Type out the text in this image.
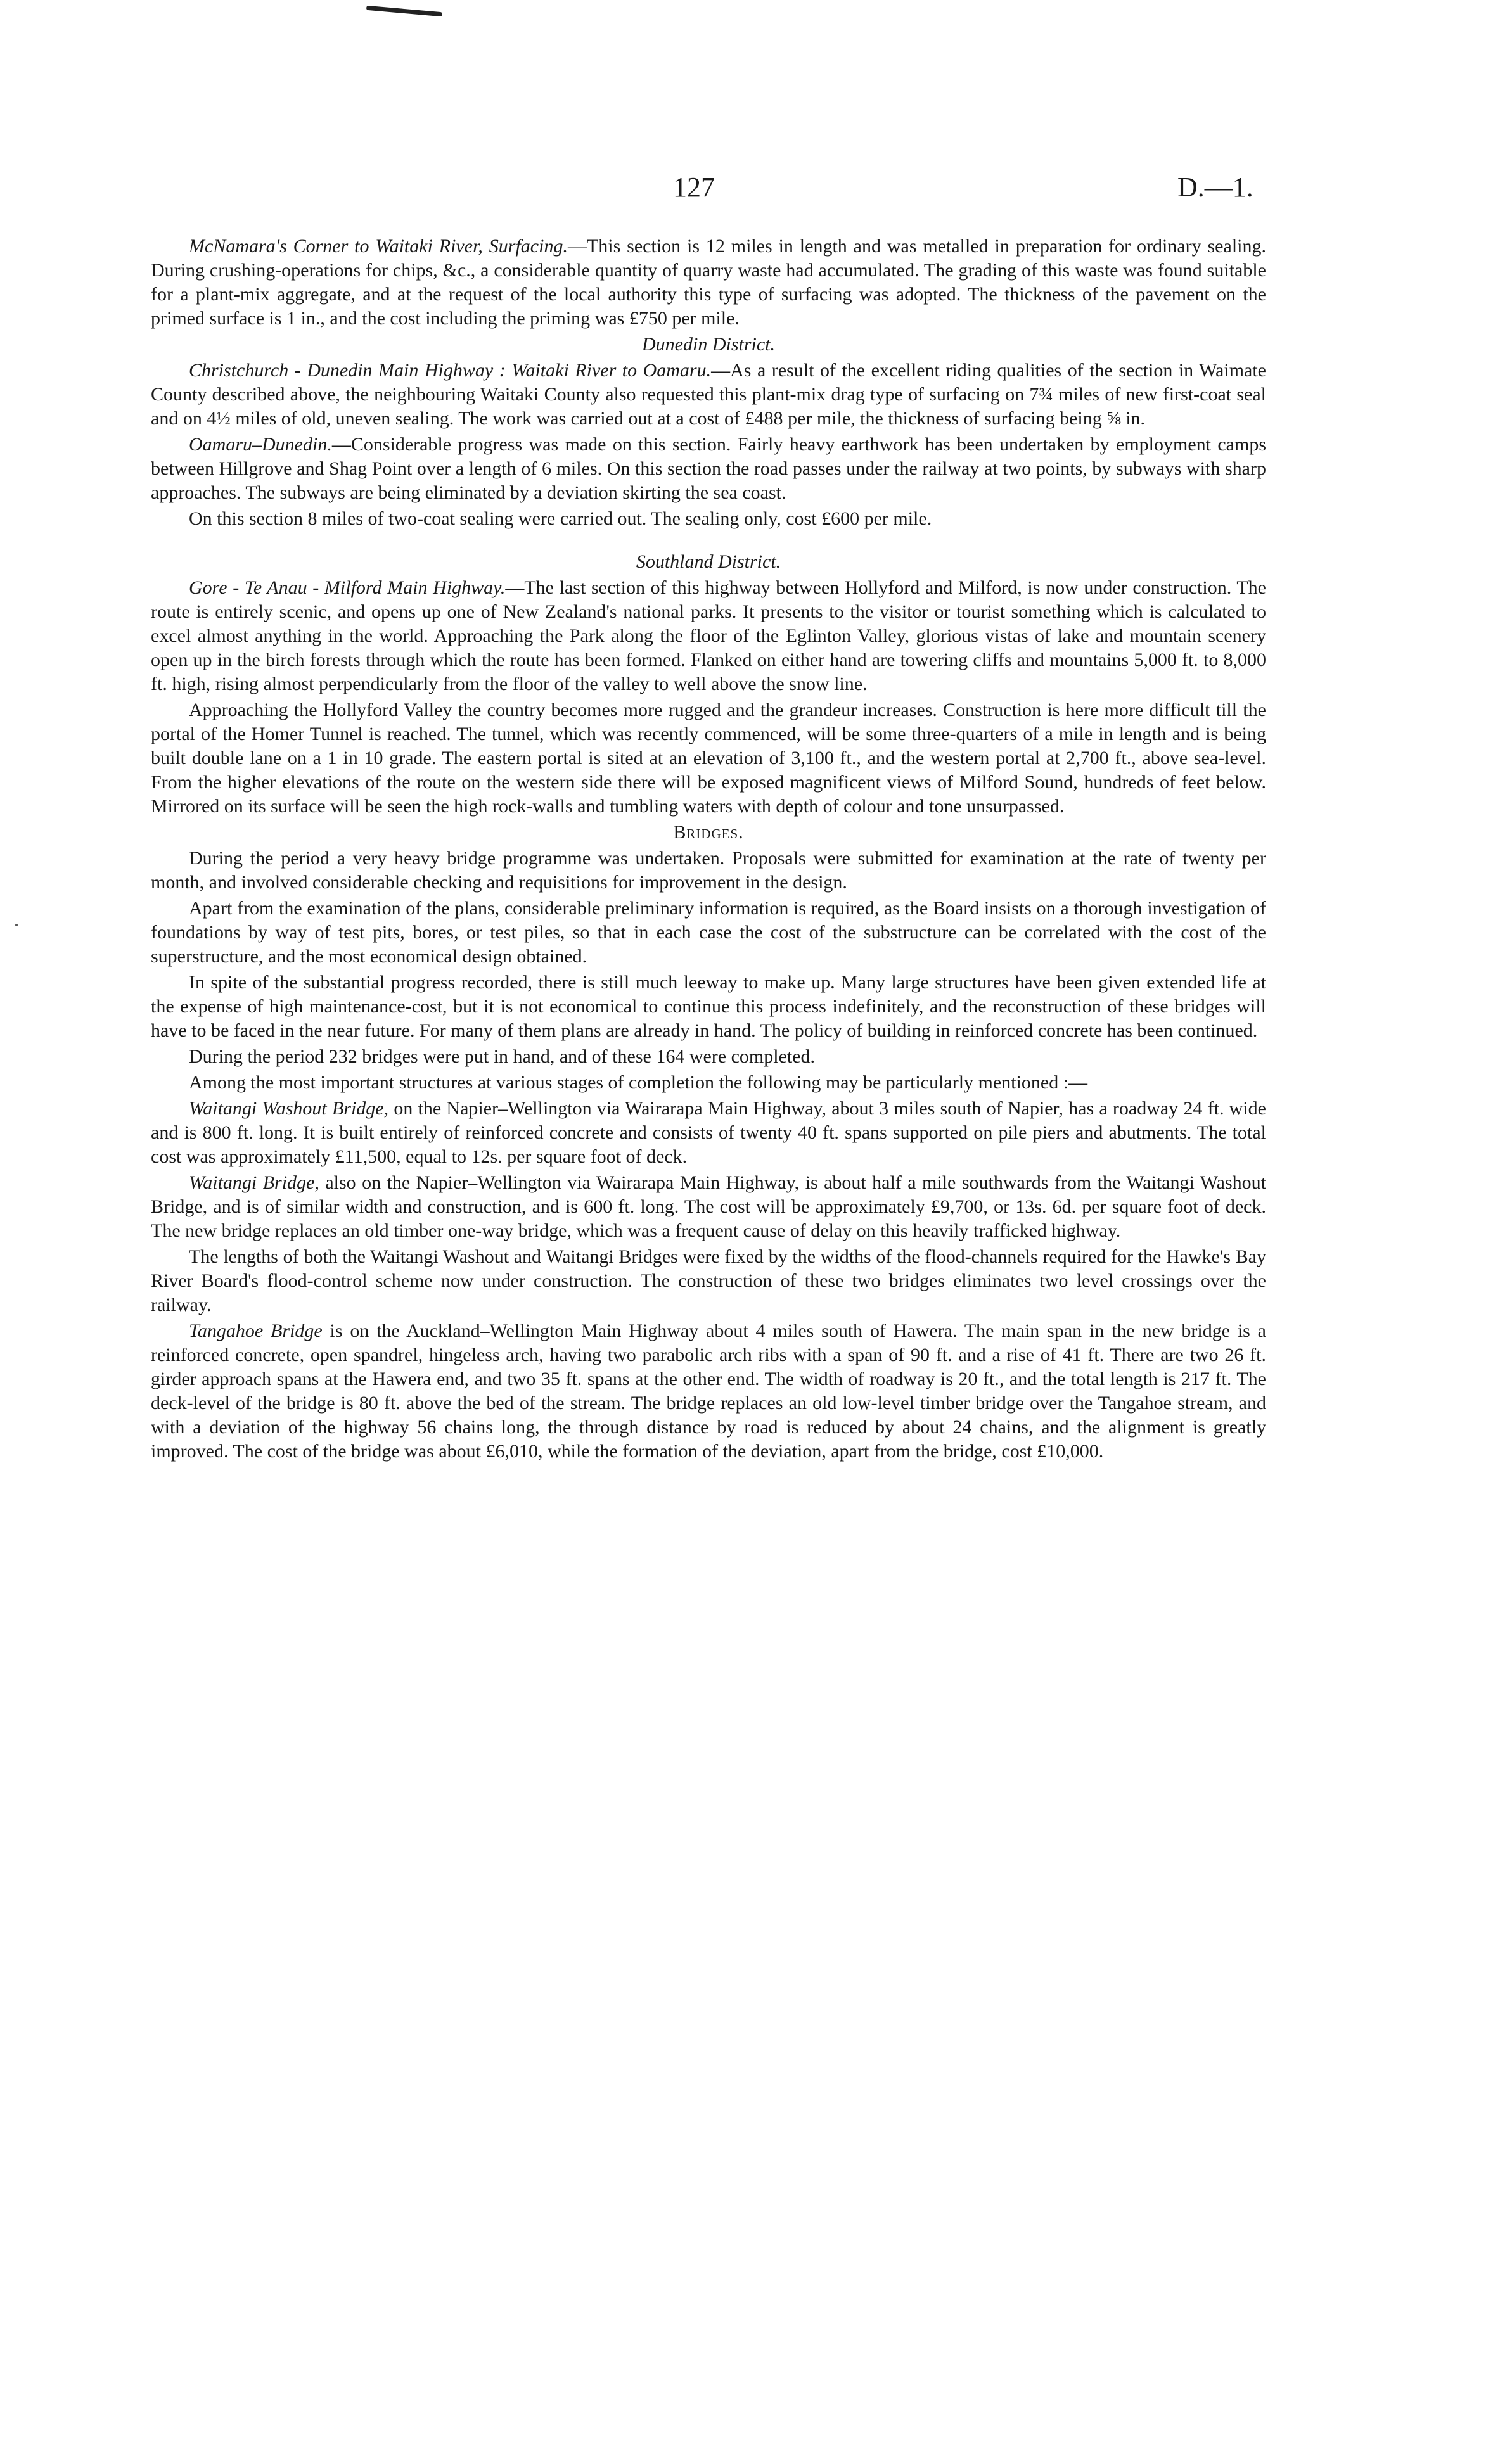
127	D.—1.

McNamara's Corner to Waitaki River, Surfacing.—This section is 12 miles in length and was metalled in preparation for ordinary sealing. During crushing-operations for chips, &c., a considerable quantity of quarry waste had accumulated. The grading of this waste was found suitable for a plant-mix aggregate, and at the request of the local authority this type of surfacing was adopted. The thickness of the pavement on the primed surface is 1 in., and the cost including the priming was £750 per mile.

Dunedin District.

Christchurch - Dunedin Main Highway : Waitaki River to Oamaru.—As a result of the excellent riding qualities of the section in Waimate County described above, the neighbouring Waitaki County also requested this plant-mix drag type of surfacing on 7¾ miles of new first-coat seal and on 4½ miles of old, uneven sealing. The work was carried out at a cost of £488 per mile, the thickness of surfacing being ⅝ in.

Oamaru–Dunedin.—Considerable progress was made on this section. Fairly heavy earthwork has been undertaken by employment camps between Hillgrove and Shag Point over a length of 6 miles. On this section the road passes under the railway at two points, by subways with sharp approaches. The subways are being eliminated by a deviation skirting the sea coast.

On this section 8 miles of two-coat sealing were carried out. The sealing only, cost £600 per mile.

Southland District.

Gore - Te Anau - Milford Main Highway.—The last section of this highway between Hollyford and Milford, is now under construction. The route is entirely scenic, and opens up one of New Zealand's national parks. It presents to the visitor or tourist something which is calculated to excel almost anything in the world. Approaching the Park along the floor of the Eglinton Valley, glorious vistas of lake and mountain scenery open up in the birch forests through which the route has been formed. Flanked on either hand are towering cliffs and mountains 5,000 ft. to 8,000 ft. high, rising almost perpendicularly from the floor of the valley to well above the snow line.

Approaching the Hollyford Valley the country becomes more rugged and the grandeur increases. Construction is here more difficult till the portal of the Homer Tunnel is reached. The tunnel, which was recently commenced, will be some three-quarters of a mile in length and is being built double lane on a 1 in 10 grade. The eastern portal is sited at an elevation of 3,100 ft., and the western portal at 2,700 ft., above sea-level. From the higher elevations of the route on the western side there will be exposed magnificent views of Milford Sound, hundreds of feet below. Mirrored on its surface will be seen the high rock-walls and tumbling waters with depth of colour and tone unsurpassed.

Bridges.

During the period a very heavy bridge programme was undertaken. Proposals were submitted for examination at the rate of twenty per month, and involved considerable checking and requisitions for improvement in the design.

Apart from the examination of the plans, considerable preliminary information is required, as the Board insists on a thorough investigation of foundations by way of test pits, bores, or test piles, so that in each case the cost of the substructure can be correlated with the cost of the superstructure, and the most economical design obtained.

In spite of the substantial progress recorded, there is still much leeway to make up. Many large structures have been given extended life at the expense of high maintenance-cost, but it is not economical to continue this process indefinitely, and the reconstruction of these bridges will have to be faced in the near future. For many of them plans are already in hand. The policy of building in reinforced concrete has been continued.

During the period 232 bridges were put in hand, and of these 164 were completed.

Among the most important structures at various stages of completion the following may be particularly mentioned :—

Waitangi Washout Bridge, on the Napier–Wellington via Wairarapa Main Highway, about 3 miles south of Napier, has a roadway 24 ft. wide and is 800 ft. long. It is built entirely of reinforced concrete and consists of twenty 40 ft. spans supported on pile piers and abutments. The total cost was approximately £11,500, equal to 12s. per square foot of deck.

Waitangi Bridge, also on the Napier–Wellington via Wairarapa Main Highway, is about half a mile southwards from the Waitangi Washout Bridge, and is of similar width and construction, and is 600 ft. long. The cost will be approximately £9,700, or 13s. 6d. per square foot of deck. The new bridge replaces an old timber one-way bridge, which was a frequent cause of delay on this heavily trafficked highway.

The lengths of both the Waitangi Washout and Waitangi Bridges were fixed by the widths of the flood-channels required for the Hawke's Bay River Board's flood-control scheme now under construction. The construction of these two bridges eliminates two level crossings over the railway.

Tangahoe Bridge is on the Auckland–Wellington Main Highway about 4 miles south of Hawera. The main span in the new bridge is a reinforced concrete, open spandrel, hingeless arch, having two parabolic arch ribs with a span of 90 ft. and a rise of 41 ft. There are two 26 ft. girder approach spans at the Hawera end, and two 35 ft. spans at the other end. The width of roadway is 20 ft., and the total length is 217 ft. The deck-level of the bridge is 80 ft. above the bed of the stream. The bridge replaces an old low-level timber bridge over the Tangahoe stream, and with a deviation of the highway 56 chains long, the through distance by road is reduced by about 24 chains, and the alignment is greatly improved. The cost of the bridge was about £6,010, while the formation of the deviation, apart from the bridge, cost £10,000.
